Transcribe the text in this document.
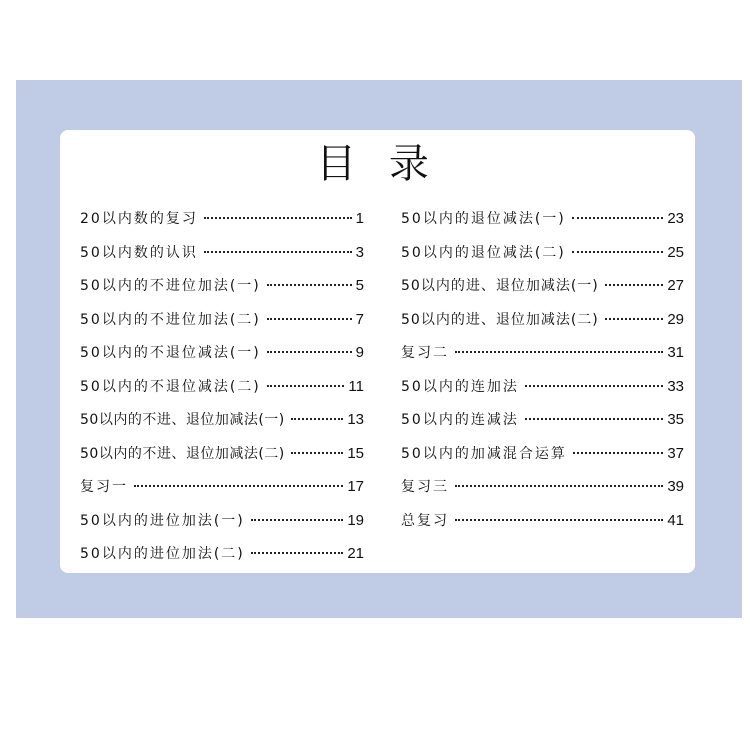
目 录
20以内数的复习	1
50以内数的认识	3
50以内的不进位加法(一)	5
50以内的不进位加法(二)	7
50以内的不退位减法(一)	9
50以内的不退位减法(二)	11
50以内的不进、退位加减法(一)	13
50以内的不进、退位加减法(二)	15
复习一	17
50以内的进位加法(一)	19
50以内的进位加法(二)	21
50以内的退位减法(一)	23
50以内的退位减法(二)	25
50以内的进、退位加减法(一)	27
50以内的进、退位加减法(二)	29
复习二	31
50以内的连加法	33
50以内的连减法	35
50以内的加减混合运算	37
复习三	39
总复习	41
